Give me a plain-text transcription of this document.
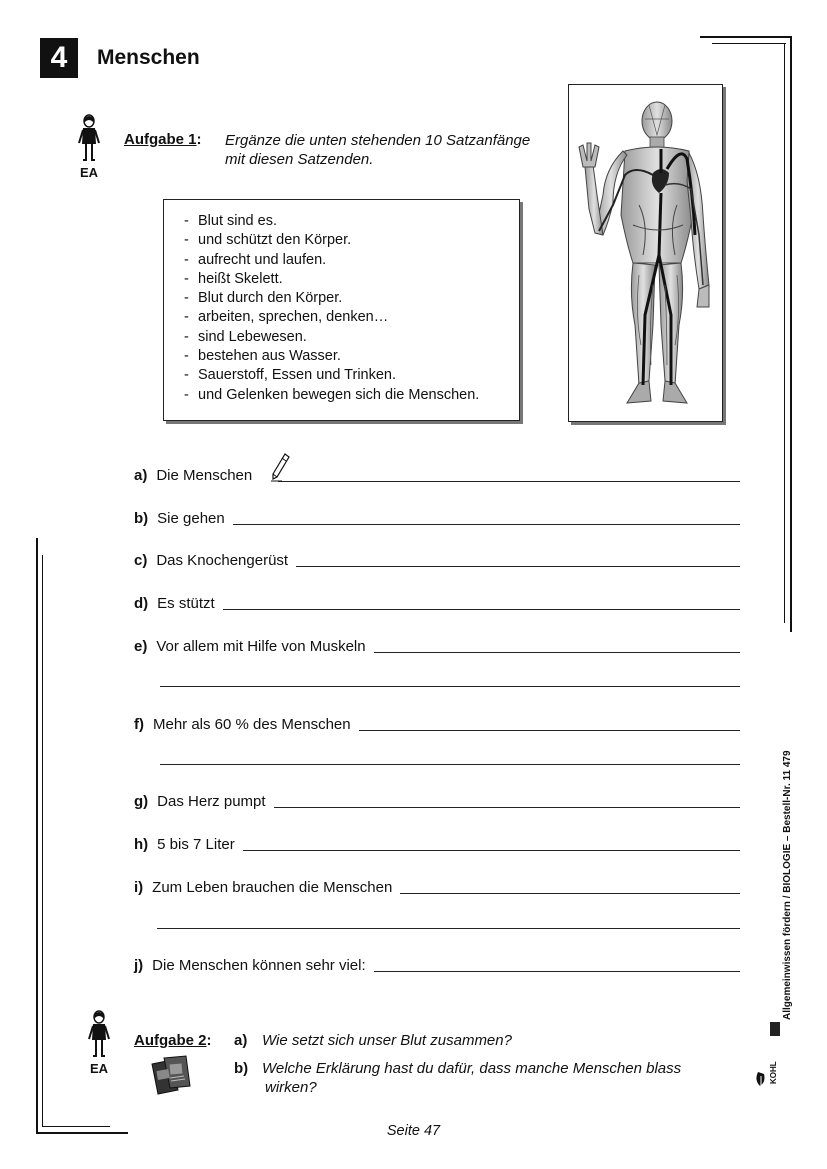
4 Menschen
EA
Aufgabe 1: Ergänze die unten stehenden 10 Satzanfänge
mit diesen Satzenden.
- Blut sind es.
- und schützt den Körper.
- aufrecht und laufen.
- heißt Skelett.
- Blut durch den Körper.
- arbeiten, sprechen, denken…
- sind Lebewesen.
- bestehen aus Wasser.
- Sauerstoff, Essen und Trinken.
- und Gelenken bewegen sich die Menschen.
a) Die Menschen
b) Sie gehen
c) Das Knochengerüst
d) Es stützt
e) Vor allem mit Hilfe von Muskeln
f) Mehr als 60 % des Menschen
g) Das Herz pumpt
h) 5 bis 7 Liter
i) Zum Leben brauchen die Menschen
j) Die Menschen können sehr viel:
EA
Aufgabe 2: a) Wie setzt sich unser Blut zusammen?
b) Welche Erklärung hast du dafür, dass manche Menschen blass
wirken?
Allgemeinwissen fördern / BIOLOGIE – Bestell-Nr. 11 479
KOHL
Seite 47
